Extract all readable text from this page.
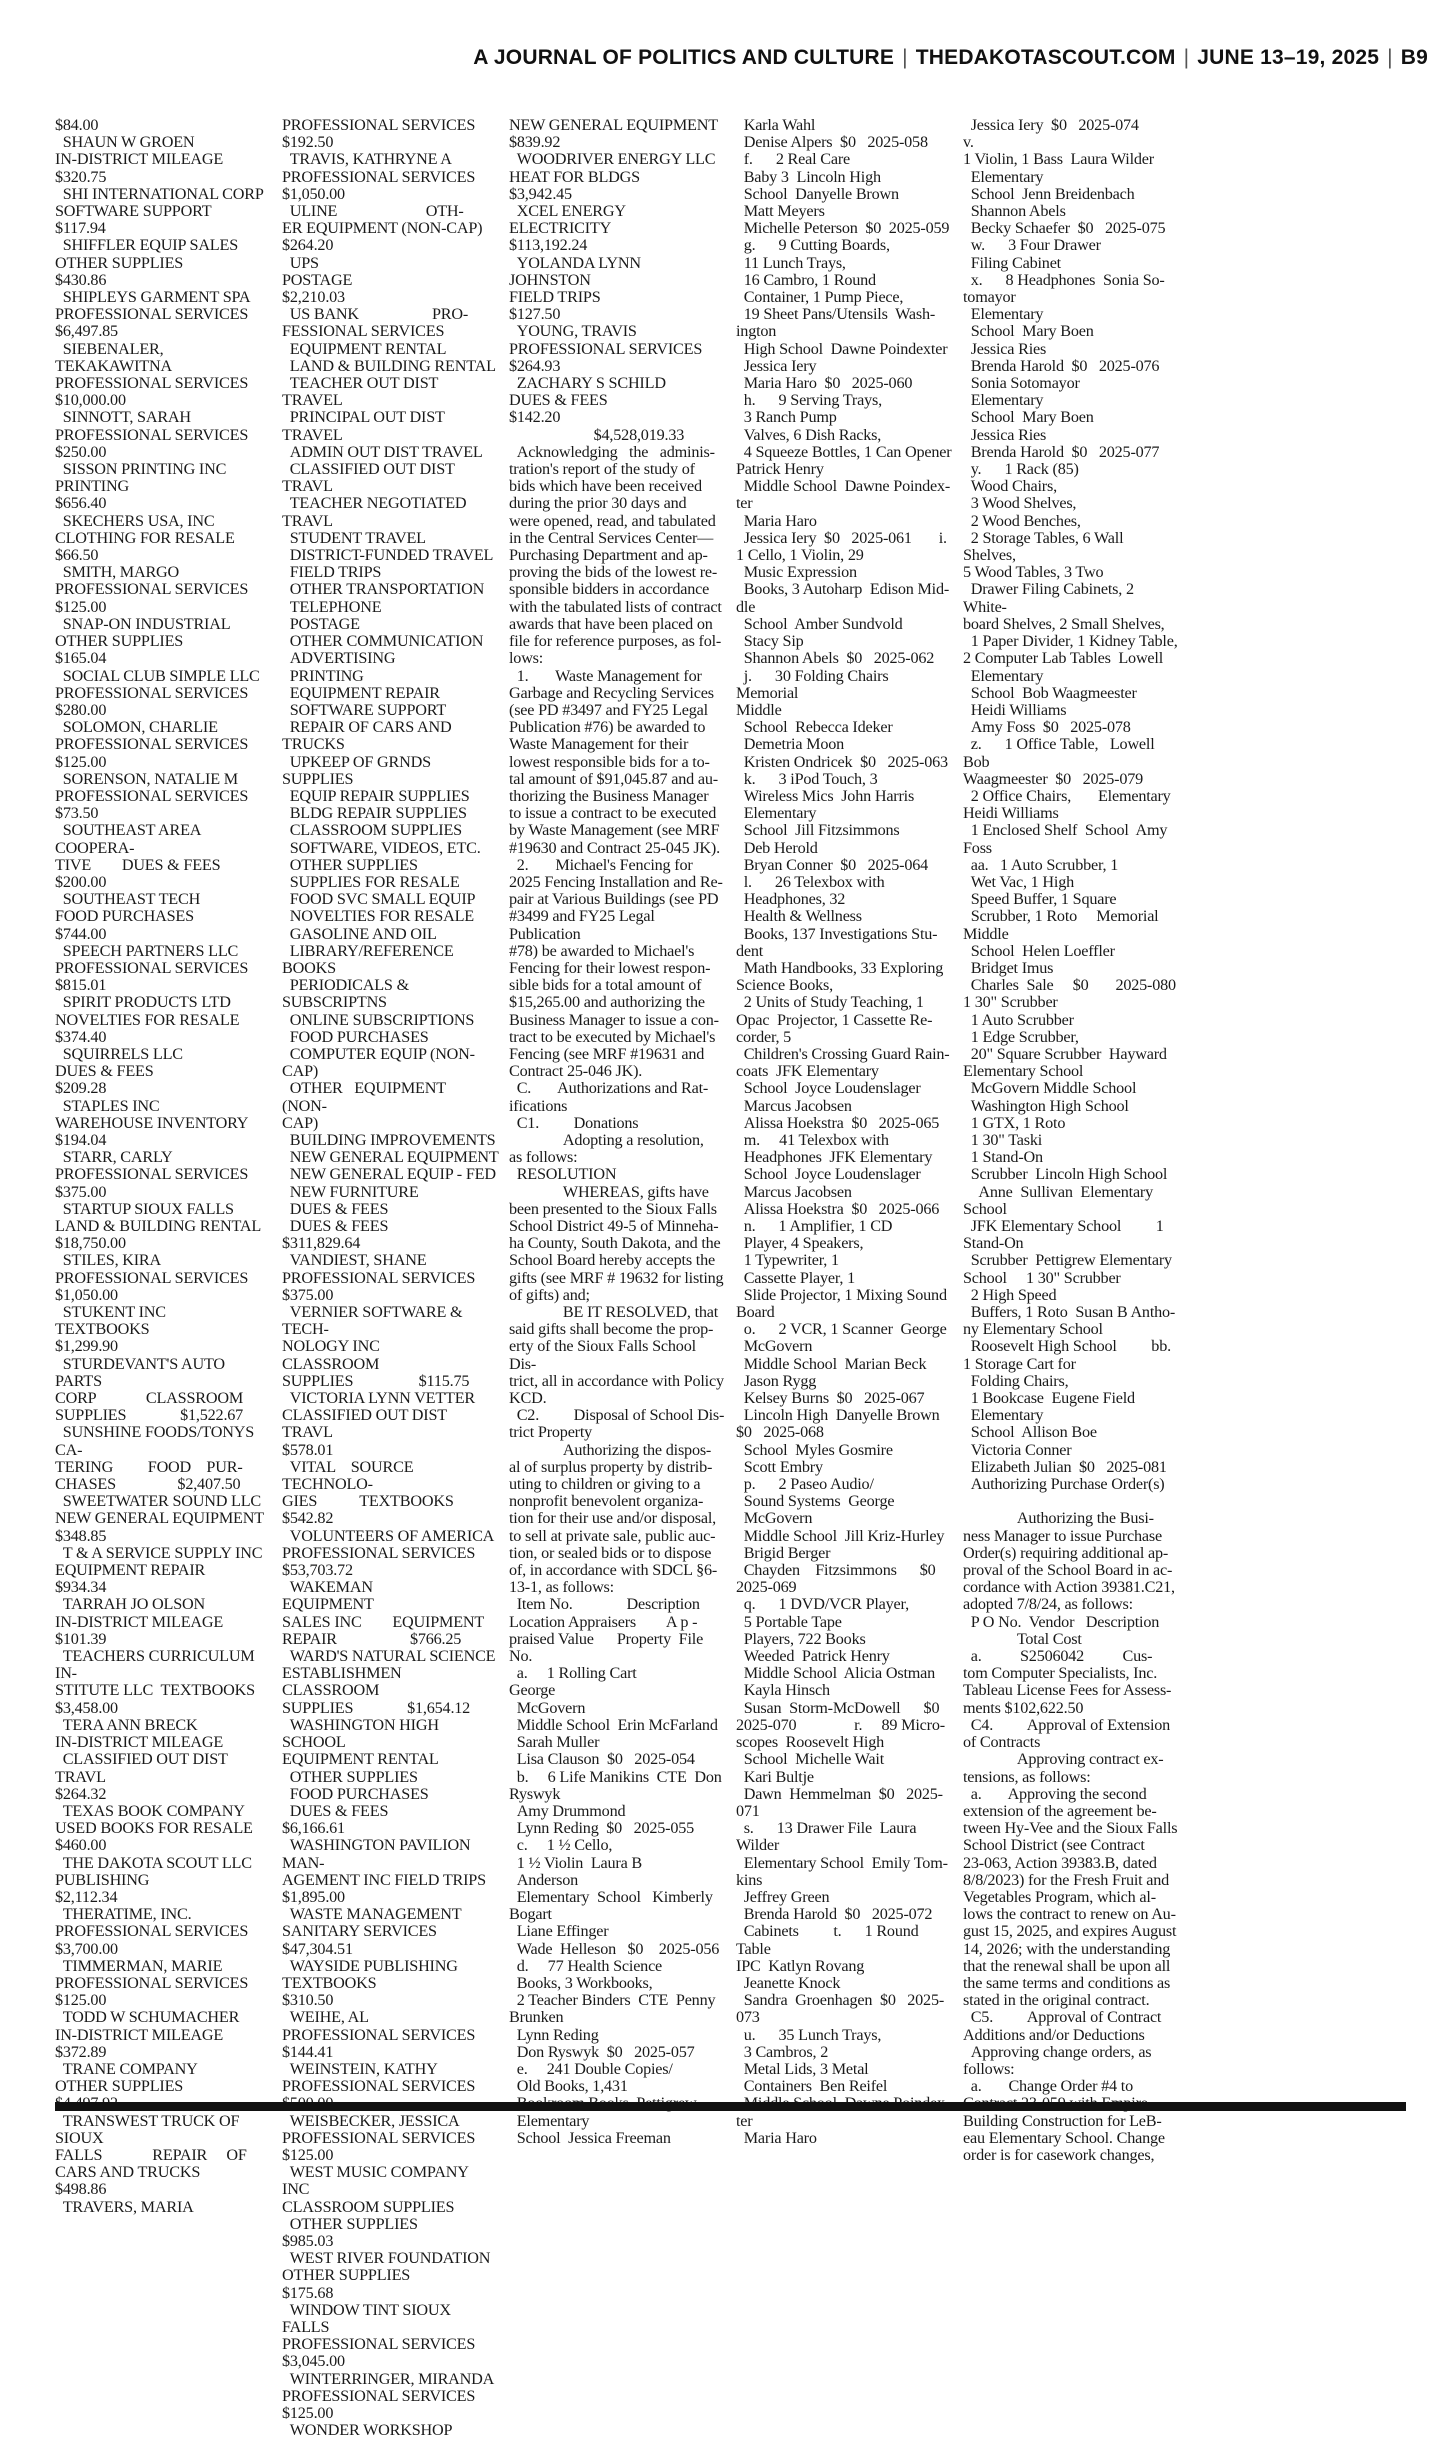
A JOURNAL OF POLITICS AND CULTURE | THEDAKOTASCOUT.COM | JUNE 13–19, 2025 | B9

$84.00

SHAUN W GROEN

IN-DISTRICT MILEAGE

$320.75

SHI INTERNATIONAL CORP

SOFTWARE SUPPORT

$117.94

SHIFFLER EQUIP SALES

OTHER SUPPLIES

$430.86

SHIPLEYS GARMENT SPA

PROFESSIONAL SERVICES

$6,497.85

SIEBENALER, TEKAKAWITNA

PROFESSIONAL SERVICES

$10,000.00

SINNOTT, SARAH

PROFESSIONAL SERVICES

$250.00

SISSON PRINTING INC

PRINTING

$656.40

SKECHERS USA, INC

CLOTHING FOR RESALE

$66.50

SMITH, MARGO

PROFESSIONAL SERVICES

$125.00

SNAP-ON INDUSTRIAL

OTHER SUPPLIES

$165.04

SOCIAL CLUB SIMPLE LLC

PROFESSIONAL SERVICES

$280.00

SOLOMON, CHARLIE

PROFESSIONAL SERVICES

$125.00

SORENSON, NATALIE M

PROFESSIONAL SERVICES

$73.50

SOUTHEAST AREA COOPERA-

TIVE        DUES & FEES

$200.00

SOUTHEAST TECH

FOOD PURCHASES

$744.00

SPEECH PARTNERS LLC

PROFESSIONAL SERVICES

$815.01

SPIRIT PRODUCTS LTD

NOVELTIES FOR RESALE

$374.40

SQUIRRELS LLC

DUES & FEES

$209.28

STAPLES INC

WAREHOUSE INVENTORY

$194.04

STARR, CARLY

PROFESSIONAL SERVICES

$375.00

STARTUP SIOUX FALLS

LAND & BUILDING RENTAL

$18,750.00

STILES, KIRA

PROFESSIONAL SERVICES

$1,050.00

STUKENT INC

TEXTBOOKS

$1,299.90

STURDEVANT'S AUTO PARTS

CORP             CLASSROOM

SUPPLIES              $1,522.67

SUNSHINE FOODS/TONYS CA-

TERING         FOOD    PUR-

CHASES                $2,407.50

SWEETWATER SOUND LLC

NEW GENERAL EQUIPMENT

$348.85

T & A SERVICE SUPPLY INC

EQUIPMENT REPAIR

$934.34

TARRAH JO OLSON

IN-DISTRICT MILEAGE

$101.39

TEACHERS CURRICULUM IN-

STITUTE LLC  TEXTBOOKS

$3,458.00

TERA ANN BRECK

IN-DISTRICT MILEAGE

CLASSIFIED OUT DIST TRAVL

$264.32

TEXAS BOOK COMPANY

USED BOOKS FOR RESALE

$460.00

THE DAKOTA SCOUT LLC

PUBLISHING

$2,112.34

THERATIME, INC.

PROFESSIONAL SERVICES

$3,700.00

TIMMERMAN, MARIE

PROFESSIONAL SERVICES

$125.00

TODD W SCHUMACHER

IN-DISTRICT MILEAGE

$372.89

TRANE COMPANY

OTHER SUPPLIES

TRANSWEST TRUCK OF SIOUX

FALLS             REPAIR     OF

CARS AND TRUCKS

$498.86

TRAVERS, MARIA

PROFESSIONAL SERVICES

$192.50

TRAVIS, KATHRYNE A

PROFESSIONAL SERVICES

$1,050.00

ULINE                       OTH-

ER EQUIPMENT (NON-CAP)

$264.20

UPS

POSTAGE

$2,210.03

US BANK                   PRO-

FESSIONAL SERVICES

EQUIPMENT RENTAL

LAND & BUILDING RENTAL

TEACHER OUT DIST TRAVEL

PRINCIPAL OUT DIST TRAVEL

ADMIN OUT DIST TRAVEL

CLASSIFIED OUT DIST TRAVL

TEACHER NEGOTIATED TRAVL

STUDENT TRAVEL

DISTRICT-FUNDED TRAVEL

FIELD TRIPS

OTHER TRANSPORTATION

TELEPHONE

POSTAGE

OTHER COMMUNICATION

ADVERTISING

PRINTING

EQUIPMENT REPAIR

SOFTWARE SUPPORT

REPAIR OF CARS AND TRUCKS

UPKEEP OF GRNDS SUPPLIES

EQUIP REPAIR SUPPLIES

BLDG REPAIR SUPPLIES

CLASSROOM SUPPLIES

SOFTWARE, VIDEOS, ETC.

OTHER SUPPLIES

SUPPLIES FOR RESALE

FOOD SVC SMALL EQUIP

NOVELTIES FOR RESALE

GASOLINE AND OIL

LIBRARY/REFERENCE BOOKS

PERIODICALS & SUBSCRIPTNS

ONLINE SUBSCRIPTIONS

FOOD PURCHASES

COMPUTER EQUIP (NON-CAP)

OTHER   EQUIPMENT   (NON-

CAP)

BUILDING IMPROVEMENTS

NEW GENERAL EQUIPMENT

NEW GENERAL EQUIP - FED

NEW FURNITURE

DUES & FEES

DUES & FEES

$311,829.64

VANDIEST, SHANE

PROFESSIONAL SERVICES

$375.00

VERNIER SOFTWARE & TECH-

NOLOGY INC        CLASSROOM

SUPPLIES                 $115.75

VICTORIA LYNN VETTER

CLASSIFIED OUT DIST TRAVL

$578.01

VITAL    SOURCE   TECHNOLO-

GIES           TEXTBOOKS

$542.82

VOLUNTEERS OF AMERICA

PROFESSIONAL SERVICES

$53,703.72

WAKEMAN           EQUIPMENT

SALES INC        EQUIPMENT

REPAIR                   $766.25

WARD'S NATURAL SCIENCE

ESTABLISHMEN CLASSROOM

SUPPLIES              $1,654.12

WASHINGTON HIGH SCHOOL

EQUIPMENT RENTAL

OTHER SUPPLIES

FOOD PURCHASES

DUES & FEES

$6,166.61

WASHINGTON PAVILION MAN-

AGEMENT INC FIELD TRIPS

$1,895.00

WASTE MANAGEMENT

SANITARY SERVICES

$47,304.51

WAYSIDE PUBLISHING

TEXTBOOKS

$310.50

WEIHE, AL

PROFESSIONAL SERVICES

$144.41

WEINSTEIN, KATHY

PROFESSIONAL SERVICES

WEISBECKER, JESSICA

PROFESSIONAL SERVICES

$125.00

WEST MUSIC COMPANY INC

CLASSROOM SUPPLIES

OTHER SUPPLIES

$985.03

WEST RIVER FOUNDATION

OTHER SUPPLIES

$175.68

WINDOW TINT SIOUX FALLS

PROFESSIONAL SERVICES

$3,045.00

WINTERRINGER, MIRANDA

PROFESSIONAL SERVICES

$125.00

WONDER WORKSHOP

NEW GENERAL EQUIPMENT

$839.92

WOODRIVER ENERGY LLC

HEAT FOR BLDGS

$3,942.45

XCEL ENERGY

ELECTRICITY

$113,192.24

YOLANDA LYNN JOHNSTON

FIELD TRIPS

$127.50

YOUNG, TRAVIS

PROFESSIONAL SERVICES

$264.93

ZACHARY S SCHILD

DUES & FEES

$142.20

$4,528,019.33

Acknowledging   the   adminis-

tration's report of the study of

bids which have been received

during the prior 30 days and

were opened, read, and tabulated

in the Central Services Center—

Purchasing Department and ap-

proving the bids of the lowest re-

sponsible bidders in accordance

with the tabulated lists of contract

awards that have been placed on

file for reference purposes, as fol-

lows:

1.       Waste Management for

Garbage and Recycling Services

(see PD #3497 and FY25 Legal

Publication #76) be awarded to

Waste Management for their

lowest responsible bids for a to-

tal amount of $91,045.87 and au-

thorizing the Business Manager

to issue a contract to be executed

by Waste Management (see MRF

#19630 and Contract 25-045 JK).

2.       Michael's Fencing for

2025 Fencing Installation and Re-

pair at Various Buildings (see PD

#3499 and FY25 Legal Publication

#78) be awarded to Michael's

Fencing for their lowest respon-

sible bids for a total amount of

$15,265.00 and authorizing the

Business Manager to issue a con-

tract to be executed by Michael's

Fencing (see MRF #19631 and

Contract 25-046 JK).

C.       Authorizations and Rat-

ifications

C1.         Donations

Adopting a resolution,

as follows:

RESOLUTION

WHEREAS, gifts have

been presented to the Sioux Falls

School District 49-5 of Minneha-

ha County, South Dakota, and the

School Board hereby accepts the

gifts (see MRF # 19632 for listing

of gifts) and;

BE IT RESOLVED, that

said gifts shall become the prop-

erty of the Sioux Falls School Dis-

trict, all in accordance with Policy

KCD.

C2.         Disposal of School Dis-

trict Property

Authorizing the dispos-

al of surplus property by distrib-

uting to children or giving to a

nonprofit benevolent organiza-

tion for their use and/or disposal,

to sell at private sale, public auc-

tion, or sealed bids or to dispose

of, in accordance with SDCL §6-

13-1, as follows:

Item No.              Description

Location Appraisers        A p -

praised Value      Property  File

No.

a.     1 Rolling Cart

George

McGovern

Middle School  Erin McFarland

Sarah Muller

Lisa Clauson  $0   2025-054

b.     6 Life Manikins  CTE  Don

Ryswyk

Amy Drummond

Lynn Reding  $0   2025-055

c.     1 ½ Cello,

1 ½ Violin  Laura B

Anderson

Elementary  School   Kimberly

Bogart

Liane Effinger

Wade  Helleson   $0    2025-056

d.     77 Health Science

Books, 3 Workbooks,

2 Teacher Binders  CTE  Penny

Brunken

Lynn Reding

Don Ryswyk  $0   2025-057

e.     241 Double Copies/

Old Books, 1,431

Elementary

School  Jessica Freeman

Karla Wahl

Denise Alpers  $0   2025-058

f.      2 Real Care

Baby 3  Lincoln High

School  Danyelle Brown

Matt Meyers

Michelle Peterson  $0  2025-059

g.      9 Cutting Boards,

11 Lunch Trays,

16 Cambro, 1 Round

Container, 1 Pump Piece,

19 Sheet Pans/Utensils  Wash-

ington

High School  Dawne Poindexter

Jessica Iery

Maria Haro  $0   2025-060

h.      9 Serving Trays,

3 Ranch Pump

Valves, 6 Dish Racks,

4 Squeeze Bottles, 1 Can Opener

Patrick Henry

Middle School  Dawne Poindex-

ter

Maria Haro

Jessica Iery  $0   2025-061       i.

1 Cello, 1 Violin, 29

Music Expression

Books, 3 Autoharp  Edison Mid-

dle

School  Amber Sundvold

Stacy Sip

Shannon Abels  $0   2025-062

j.      30 Folding Chairs  Memorial

Middle

School  Rebecca Ideker

Demetria Moon

Kristen Ondricek  $0   2025-063

k.      3 iPod Touch, 3

Wireless Mics  John Harris

Elementary

School  Jill Fitzsimmons

Deb Herold

Bryan Conner  $0   2025-064

l.      26 Telexbox with

Headphones, 32

Health & Wellness

Books, 137 Investigations Stu-

dent

Math Handbooks, 33 Exploring

Science Books,

2 Units of Study Teaching, 1

Opac  Projector, 1 Cassette Re-

corder, 5

Children's Crossing Guard Rain-

coats  JFK Elementary

School  Joyce Loudenslager

Marcus Jacobsen

Alissa Hoekstra  $0   2025-065

m.     41 Telexbox with

Headphones  JFK Elementary

School  Joyce Loudenslager

Marcus Jacobsen

Alissa Hoekstra  $0   2025-066

n.      1 Amplifier, 1 CD

Player, 4 Speakers,

1 Typewriter, 1

Cassette Player, 1

Slide Projector, 1 Mixing Sound

Board

o.      2 VCR, 1 Scanner  George

McGovern

Middle School  Marian Beck

Jason Rygg

Kelsey Burns  $0   2025-067

Lincoln High  Danyelle Brown

$0   2025-068

School  Myles Gosmire

Scott Embry

p.      2 Paseo Audio/

Sound Systems  George

McGovern

Middle School  Jill Kriz-Hurley

Brigid Berger

Chayden    Fitzsimmons      $0

2025-069

q.      1 DVD/VCR Player,

5 Portable Tape

Players, 722 Books

Weeded  Patrick Henry

Middle School  Alicia Ostman

Kayla Hinsch

Susan  Storm-McDowell      $0

2025-070               r.     89 Micro-

scopes  Roosevelt High

School  Michelle Wait

Kari Bultje

Dawn  Hemmelman  $0   2025-

071

s.      13 Drawer File  Laura Wilder

Elementary School  Emily Tom-

kins

Jeffrey Green

Brenda Harold  $0   2025-072

Cabinets         t.      1 Round Table

IPC  Katlyn Rovang

Jeanette Knock

Sandra  Groenhagen  $0   2025-

073

u.      35 Lunch Trays,

3 Cambros, 2

Metal Lids, 3 Metal

Containers  Ben Reifel

ter

Maria Haro

Jessica Iery  $0   2025-074          v.

1 Violin, 1 Bass  Laura Wilder

Elementary

School  Jenn Breidenbach

Shannon Abels

Becky Schaefer  $0   2025-075

w.      3 Four Drawer

Filing Cabinet

x.      8 Headphones  Sonia So-

tomayor

Elementary

School  Mary Boen

Jessica Ries

Brenda Harold  $0   2025-076

Sonia Sotomayor

Elementary

School  Mary Boen

Jessica Ries

Brenda Harold  $0   2025-077

y.      1 Rack (85)

Wood Chairs,

3 Wood Shelves,

2 Wood Benches,

2 Storage Tables, 6 Wall Shelves,

5 Wood Tables, 3 Two

Drawer Filing Cabinets, 2 White-

board Shelves, 2 Small Shelves,

1 Paper Divider, 1 Kidney Table,

2 Computer Lab Tables  Lowell

Elementary

School  Bob Waagmeester

Heidi Williams

Amy Foss  $0   2025-078

z.      1 Office Table,   Lowell  Bob

Waagmeester  $0   2025-079

2 Office Chairs,       Elementary

Heidi Williams

1 Enclosed Shelf  School  Amy

Foss

aa.   1 Auto Scrubber, 1

Wet Vac, 1 High

Speed Buffer, 1 Square

Scrubber, 1 Roto     Memorial

Middle

School  Helen Loeffler

Bridget Imus

Charles  Sale     $0       2025-080

1 30" Scrubber

1 Auto Scrubber

1 Edge Scrubber,

20" Square Scrubber  Hayward

Elementary School

McGovern Middle School

Washington High School

1 GTX, 1 Roto

1 30" Taski

1 Stand-On

Scrubber  Lincoln High School

Anne  Sullivan  Elementary

School

JFK Elementary School         1

Stand-On

Scrubber  Pettigrew Elementary

School     1 30" Scrubber

2 High Speed

Buffers, 1 Roto  Susan B Antho-

ny Elementary School

Roosevelt High School         bb.

1 Storage Cart for

Folding Chairs,

1 Bookcase  Eugene Field

Elementary

School  Allison Boe

Victoria Conner

Elizabeth Julian  $0   2025-081

Authorizing Purchase Order(s)

Authorizing the Busi-

ness Manager to issue Purchase

Order(s) requiring additional ap-

proval of the School Board in ac-

cordance with Action 39381.C21,

adopted 7/8/24, as follows:

P O No.  Vendor   Description

Total Cost

a.          S2506042          Cus-

tom Computer Specialists, Inc.

Tableau License Fees for Assess-

ments $102,622.50

C4.         Approval of Extension

of Contracts

Approving contract ex-

tensions, as follows:

a.       Approving the second

extension of the agreement be-

tween Hy-Vee and the Sioux Falls

School District (see Contract

23-063, Action 39383.B, dated

8/8/2023) for the Fresh Fruit and

Vegetables Program, which al-

lows the contract to renew on Au-

gust 15, 2025, and expires August

14, 2026; with the understanding

that the renewal shall be upon all

the same terms and conditions as

stated in the original contract.

C5.         Approval of Contract

Additions and/or Deductions

Approving change orders, as

follows:

a.       Change Order #4 to

Building Construction for LeB-

eau Elementary School. Change

order is for casework changes,
